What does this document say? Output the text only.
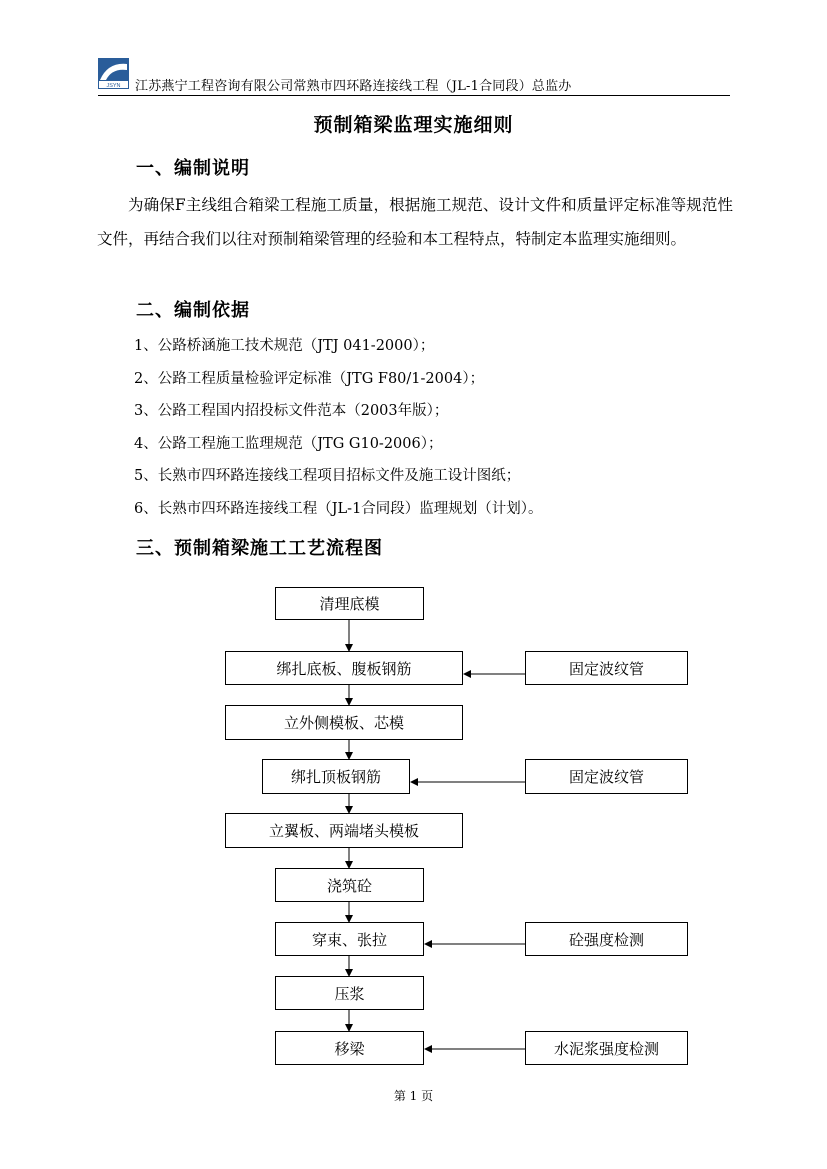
JSYN 江苏燕宁工程咨询有限公司常熟市四环路连接线工程（JL-1合同段）总监办
预制箱梁监理实施细则
一、编制说明

为确保F主线组合箱梁工程施工质量，根据施工规范、设计文件和质量评定标准等规范性文件，再结合我们以往对预制箱梁管理的经验和本工程特点，特制定本监理实施细则。

二、编制依据
1、公路桥涵施工技术规范（JTJ 041-2000）；
2、公路工程质量检验评定标准（JTG F80/1-2004）；
3、公路工程国内招投标文件范本（2003年版）；
4、公路工程施工监理规范（JTG G10-2006）；
5、长熟市四环路连接线工程项目招标文件及施工设计图纸；
6、长熟市四环路连接线工程（JL-1合同段）监理规划（计划）。
三、预制箱梁施工工艺流程图
清理底模
绑扎底板、腹板钢筋
立外侧模板、芯模
绑扎顶板钢筋
立翼板、两端堵头模板
浇筑砼
穿束、张拉
压浆
移梁
固定波纹管
固定波纹管
砼强度检测
水泥浆强度检测
第 1 页
